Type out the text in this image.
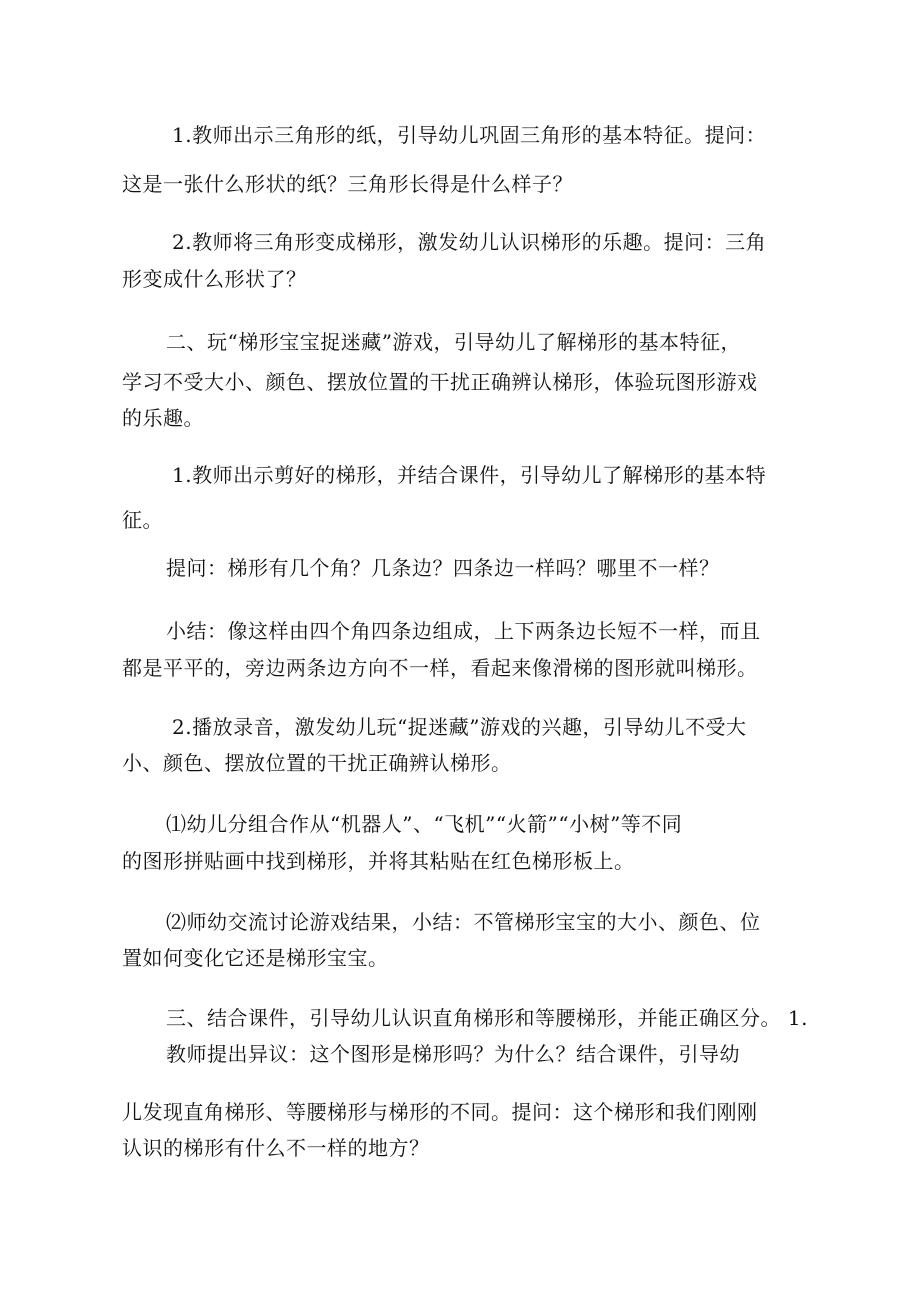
1.教师出示三角形的纸，引导幼儿巩固三角形的基本特征。提问：
这是一张什么形状的纸？三角形长得是什么样子？
2.教师将三角形变成梯形，激发幼儿认识梯形的乐趣。提问：三角
形变成什么形状了？
二、玩“梯形宝宝捉迷藏”游戏，引导幼儿了解梯形的基本特征，
学习不受大小、颜色、摆放位置的干扰正确辨认梯形，体验玩图形游戏
的乐趣。
1.教师出示剪好的梯形，并结合课件，引导幼儿了解梯形的基本特
征。
提问：梯形有几个角？几条边？四条边一样吗？哪里不一样？
小结：像这样由四个角四条边组成，上下两条边长短不一样，而且
都是平平的，旁边两条边方向不一样，看起来像滑梯的图形就叫梯形。
2.播放录音，激发幼儿玩“捉迷藏”游戏的兴趣，引导幼儿不受大
小、颜色、摆放位置的干扰正确辨认梯形。
⑴幼儿分组合作从“机器人”、“飞机”“火箭”“小树”等不同
的图形拼贴画中找到梯形，并将其粘贴在红色梯形板上。
⑵师幼交流讨论游戏结果，小结：不管梯形宝宝的大小、颜色、位
置如何变化它还是梯形宝宝。
三、结合课件，引导幼儿认识直角梯形和等腰梯形，并能正确区分。 1.
教师提出异议：这个图形是梯形吗？为什么？结合课件，引导幼
儿发现直角梯形、等腰梯形与梯形的不同。提问：这个梯形和我们刚刚
认识的梯形有什么不一样的地方？
